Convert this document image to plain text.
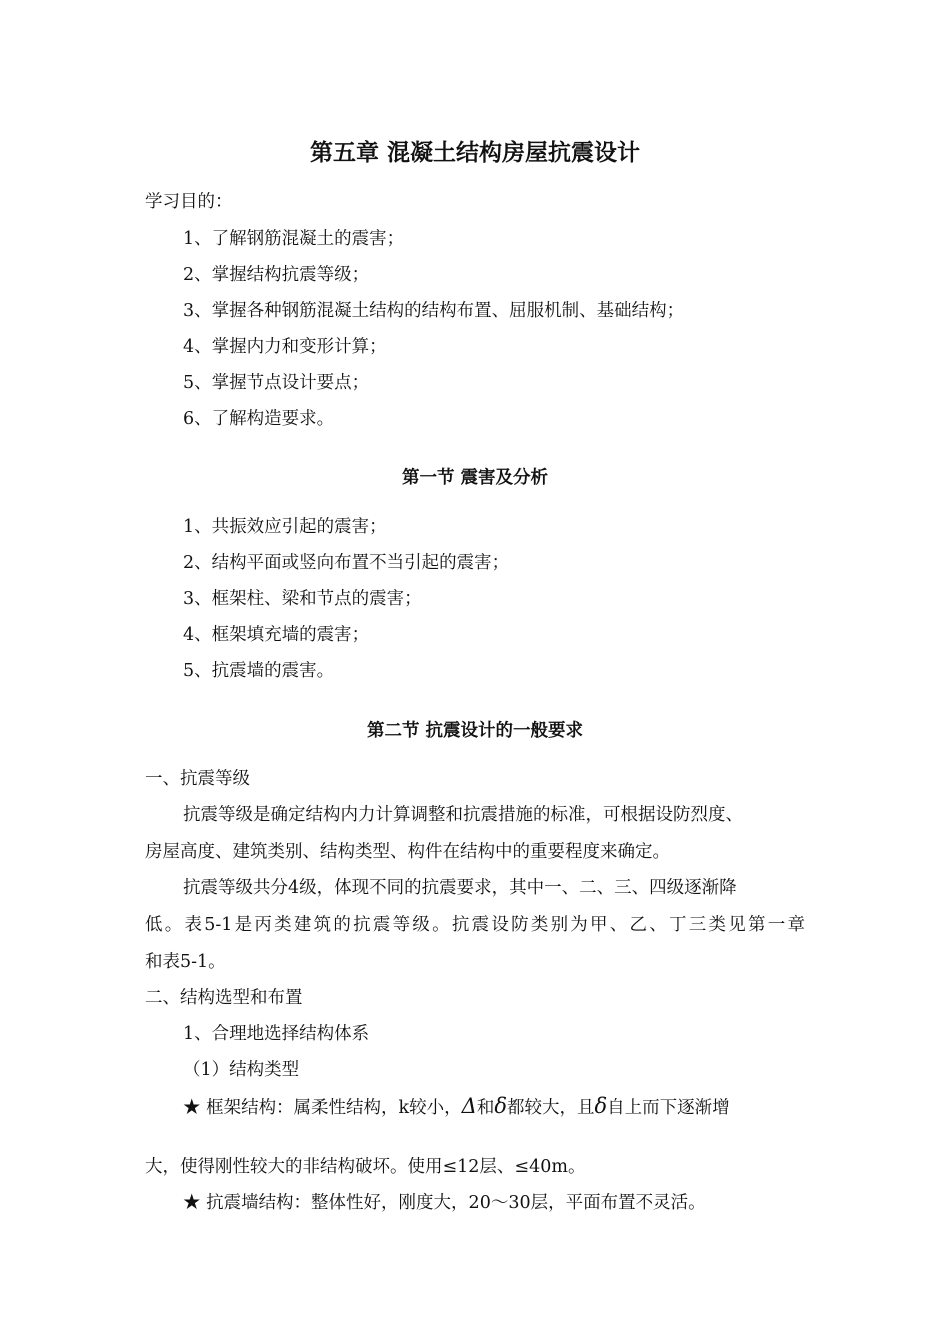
第五章 混凝土结构房屋抗震设计
学习目的：
1、了解钢筋混凝土的震害；
2、掌握结构抗震等级；
3、掌握各种钢筋混凝土结构的结构布置、屈服机制、基础结构；
4、掌握内力和变形计算；
5、掌握节点设计要点；
6、了解构造要求。
第一节 震害及分析
1、共振效应引起的震害；
2、结构平面或竖向布置不当引起的震害；
3、框架柱、梁和节点的震害；
4、框架填充墙的震害；
5、抗震墙的震害。
第二节 抗震设计的一般要求
一、抗震等级
抗震等级是确定结构内力计算调整和抗震措施的标准，可根据设防烈度、
房屋高度、建筑类别、结构类型、构件在结构中的重要程度来确定。
抗震等级共分4级，体现不同的抗震要求，其中一、二、三、四级逐渐降
低。表5-1是丙类建筑的抗震等级。抗震设防类别为甲、乙、丁三类见第一章
和表5-1。
二、结构选型和布置
1、合理地选择结构体系
（1）结构类型
★ 框架结构：属柔性结构，k较小，Δ和δ都较大，且δ自上而下逐渐增
大，使得刚性较大的非结构破坏。使用≤12层、≤40m。
★ 抗震墙结构：整体性好，刚度大，20～30层，平面布置不灵活。
